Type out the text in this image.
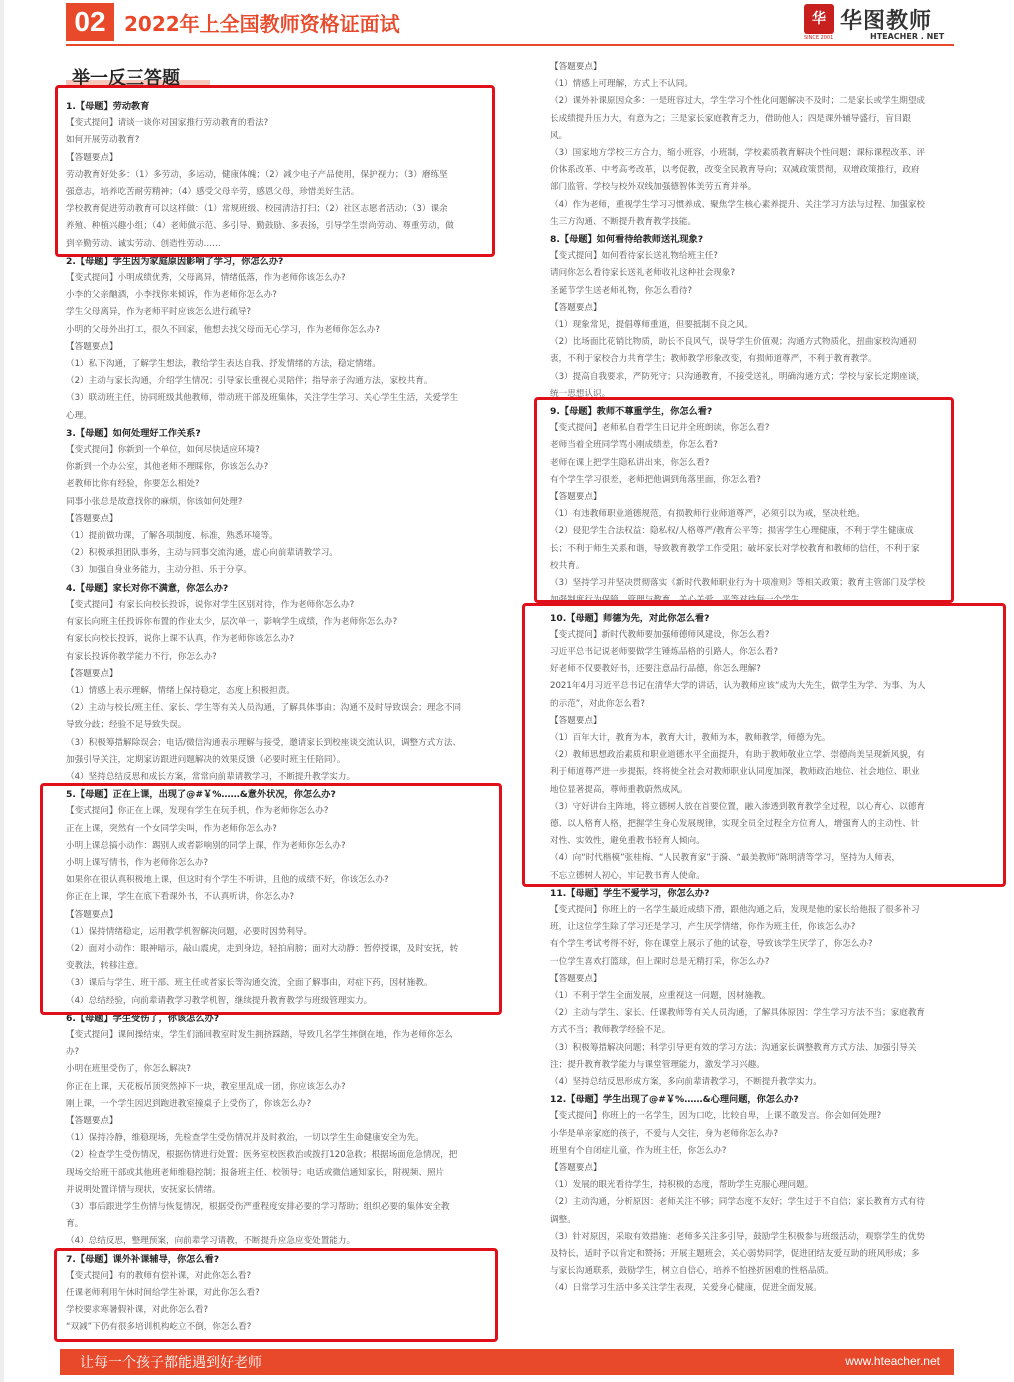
02 2022年上全国教师资格证面试	华
SINCE 2001
华图教师
HTEACHER . NET
举一反三答题

1.【母题】劳动教育

【变式提问】请谈一谈你对国家推行劳动教育的看法?

如何开展劳动教育?

【答题要点】

劳动教育好处多：（1）多劳动，多运动，健康体魄；（2）减少电子产品使用，保护视力；（3）磨练坚

强意志，培养吃苦耐劳精神；（4）感受父母辛劳，感恩父母，珍惜美好生活。

学校教育促进劳动教育可以这样做：（1）常规班级、校园清洁打扫；（2）社区志愿者活动；（3）课余

养殖、种植兴趣小组；（4）老师做示范、多引导、勤鼓励、多表扬，引导学生崇尚劳动、尊重劳动，做

到辛勤劳动、诚实劳动、创造性劳动……

2.【母题】学生因为家庭原因影响了学习，你怎么办?

【变式提问】小明成绩优秀，父母离异，情绪低落，作为老师你该怎么办?

小李的父亲酗酒，小李找你来倾诉，作为老师你怎么办?

学生父母离异，作为老师平时应该怎么进行疏导?

小明的父母外出打工，很久不回家，他想去找父母而无心学习，作为老师你怎么办?

【答题要点】

（1）私下沟通，了解学生想法，教给学生表达自我、抒发情绪的方法，稳定情绪。

（2）主动与家长沟通，介绍学生情况；引导家长重视心灵陪伴；指导亲子沟通方法，家校共育。

（3）联动班主任，协同班级其他教师，带动班干部及班集体，关注学生学习、关心学生生活，关爱学生

心理。

3.【母题】如何处理好工作关系?

【变式提问】你新到一个单位，如何尽快适应环境?

你新到一个办公室，其他老师不理睬你，你该怎么办?

老教师比你有经验，你要怎么相处?

同事小张总是故意找你的麻烦，你该如何处理?

【答题要点】

（1）提前做功课，了解各项制度、标准，熟悉环境等。

（2）积极承担团队事务，主动与同事交流沟通，虚心向前辈请教学习。

（3）加强自身业务能力，主动分担、乐于分享。

4.【母题】家长对你不满意，你怎么办?

【变式提问】有家长向校长投诉，说你对学生区别对待，作为老师你怎么办?

有家长向班主任投诉你布置的作业太少，层次单一，影响学生成绩，作为老师你怎么办?

有家长向校长投诉，说你上课不认真，作为老师你该怎么办?

有家长投诉你教学能力不行，你怎么办?

【答题要点】

（1）情感上表示理解，情绪上保持稳定，态度上积极担责。

（2）主动与校长/班主任、家长、学生等有关人员沟通，了解具体事由；沟通不及时导致误会；理念不同

导致分歧；经验不足导致失误。

（3）积极筹措解除误会；电话/微信沟通表示理解与接受，邀请家长到校座谈交流认识，调整方式方法、

加强引导关注，定期家访跟进问题解决的效果反馈（必要时班主任陪同）。

（4）坚持总结反思和成长方案，常常向前辈请教学习，不断提升教学实力。

5.【母题】正在上课，出现了@#￥%……&意外状况，你怎么办?

【变式提问】你正在上课，发现有学生在玩手机，作为老师你怎么办?

正在上课，突然有一个女同学尖叫，作为老师你怎么办?

小明上课总搞小动作：踢别人或者影响别的同学上课，作为老师你怎么办?

小明上课写情书，作为老师你怎么办?

如果你在很认真积极地上课，但这时有个学生不听讲，且他的成绩不好，你该怎么办?

你正在上课，学生在底下看课外书，不认真听讲，你怎么办?

【答题要点】

（1）保持情绪稳定，运用教学机智解决问题，必要时因势利导。

（2）面对小动作：眼神暗示，敲山震虎，走到身边，轻拍肩膀；面对大动静：暂停授课，及时安抚，转

变教法，转移注意。

（3）课后与学生、班干部、班主任或者家长等沟通交流，全面了解事由，对症下药，因材施教。

（4）总结经验，向前辈请教学习教学机智，继续提升教育教学与班级管理实力。

6.【母题】学生受伤了，你该怎么办?

【变式提问】课间操结束，学生们涌回教室时发生拥挤踩踏，导致几名学生摔倒在地，作为老师你怎么

办?

小明在班里受伤了，你怎么解决?

你正在上课，天花板吊顶突然掉下一块，教室里乱成一团，你应该怎么办?

刚上课，一个学生因迟到跑进教室撞桌子上受伤了，你该怎么办?

【答题要点】

（1）保持冷静，维稳现场，先检查学生受伤情况并及时救治，一切以学生生命健康安全为先。

（2）检查学生受伤情况，根据伤情进行处置；医务室校医救治或拨打120急救；根据场面危急情况，把

现场交给班干部或其他班老师维稳控制；报备班主任、校领导；电话或微信通知家长，附视频、照片

并说明处置详情与现状，安抚家长情绪。

（3）事后跟进学生伤情与恢复情况，根据受伤严重程度安排必要的学习帮助；组织必要的集体安全教

育。

（4）总结反思，整理预案，向前辈学习请教，不断提升应急应变处置能力。

7.【母题】课外补课辅导，你怎么看?

【变式提问】有的教师有偿补课，对此你怎么看?

任课老师利用午休时间给学生补课，对此你怎么看?

学校要求寒暑假补课，对此你怎么看?

“双减”下仍有很多培训机构屹立不倒，你怎么看?

【答题要点】

（1）情感上可理解，方式上不认同。

（2）课外补课原因众多：一是班容过大，学生学习个性化问题解决不及时；二是家长或学生期望成

长成绩提升压力大，有意为之；三是家长家庭教育乏力，借助他人；四是课外辅导盛行，盲目跟

风。

（3）国家地方学校三方合力，缩小班容，小班制，学校素质教育解决个性问题；课标课程改革、评

价体系改革、中考高考改革，以考促教，改变全民教育导向；双减政策贯彻，双增政策推行，政府

部门监管、学校与校外双线加强德智体美劳五育并举。

（4）作为老师，重视学生学习习惯养成、聚焦学生核心素养提升、关注学习方法与过程、加强家校

生三方沟通、不断提升教育教学技能。

8.【母题】如何看待给教师送礼现象?

【变式提问】如何看待家长送礼物给班主任?

请问你怎么看待家长送礼老师收礼这种社会现象?

圣诞节学生送老师礼物，你怎么看待?

【答题要点】

（1）现象常见，提倡尊师重道，但要抵制不良之风。

（2）比场面比花销比物质，助长不良风气，误导学生价值观；沟通方式物质化，扭曲家校沟通初

衷，不利于家校合力共育学生；教师教学形象改变，有损师道尊严，不利于教育教学。

（3）提高自我要求，严防死守；只沟通教育，不接受送礼，明确沟通方式；学校与家长定期座谈，

统一思想认识。

9.【母题】教师不尊重学生，你怎么看?

【变式提问】老师私自看学生日记并全班朗读，你怎么看?

老师当着全班同学骂小刚成绩差，你怎么看?

老师在课上把学生隐私讲出来，你怎么看?

有个学生学习很差，老师把他调到角落里面，你怎么看?

【答题要点】

（1）有违教师职业道德规范，有损教师行业师道尊严，必须引以为戒，坚决杜绝。

（2）侵犯学生合法权益：隐私权/人格尊严/教育公平等；损害学生心理健康，不利于学生健康成

长；不利于师生关系和谐，导致教育教学工作受阻；破坏家长对学校教育和教师的信任，不利于家

校共育。

（3）坚持学习并坚决贯彻落实《新时代教师职业行为十项准则》等相关政策；教育主管部门及学校

加强制度行为保障，管理与教育，关心关爱，平等对待每一个学生。

10.【母题】师德为先，对此你怎么看?

【变式提问】新时代教师要加强师德师风建设，你怎么看?

习近平总书记说老师要做学生锤炼品格的引路人，你怎么看?

好老师不仅要教好书，还要注意品行品德，你怎么理解?

2021年4月习近平总书记在清华大学的讲话，认为教师应该“成为大先生，做学生为学、为事、为人

的示范”，对此你怎么看?

【答题要点】

（1）百年大计，教育为本，教育大计，教师为本，教师教学，师德为先。

（2）教师思想政治素质和职业道德水平全面提升，有助于教师敬业立学、崇德尚美呈现新风貌，有

利于师道尊严进一步提振，终将使全社会对教师职业认同度加深，教师政治地位、社会地位、职业

地位显著提高，尊师重教蔚然成风。

（3）守好讲台主阵地，将立德树人放在首要位置，融入渗透到教育教学全过程，以心育心、以德育

德、以人格育人格，把握学生身心发展规律，实现全员全过程全方位育人，增强育人的主动性、针

对性、实效性，避免重教书轻育人倾向。

（4）向“时代楷模”张桂梅、“人民教育家”于漪、“最美教师”陈明清等学习，坚持为人师表，

不忘立德树人初心，牢记教书育人使命。

11.【母题】学生不爱学习，你怎么办?

【变式提问】你班上的一名学生最近成绩下滑，跟他沟通之后，发现是他的家长给他报了很多补习

班，让这位学生除了学习还是学习，产生厌学情绪，你作为班主任，你该怎么办?

有个学生考试考得不好，你在课堂上展示了他的试卷，导致该学生厌学了，你怎么办?

一位学生喜欢打篮球，但上课时总是无精打采，你怎么办?

【答题要点】

（1）不利于学生全面发展，应重视这一问题，因材施教。

（2）主动与学生、家长、任课教师等有关人员沟通，了解具体原因：学生学习方法不当；家庭教育

方式不当；教师教学经验不足。

（3）积极筹措解决问题；科学引导更有效的学习方法；沟通家长调整教育方式方法、加强引导关

注；提升教育教学能力与课堂管理能力，激发学习兴趣。

（4）坚持总结反思形成方案，多向前辈请教学习，不断提升教学实力。

12.【母题】学生出现了@#￥%……&心理问题，你怎么办?

【变式提问】你班上的一名学生，因为口吃，比较自卑，上课不敢发言。你会如何处理?

小华是单亲家庭的孩子，不爱与人交往，身为老师你怎么办?

班里有个自闭症儿童，作为班主任，你怎么办?

【答题要点】

（1）发展的眼光看待学生，持积极的态度，帮助学生克服心理问题。

（2）主动沟通，分析原因：老师关注不够；同学态度不友好；学生过于不自信；家长教育方式有待

调整。

（3）针对原因，采取有效措施：老师多关注多引导，鼓励学生积极参与班级活动，观察学生的优势

及特长，适时予以肯定和赞扬；开展主题班会，关心弱势同学，促进团结友爱互助的班风形成；多

与家长沟通联系，鼓励学生，树立自信心，培养不怕挫折困难的性格品质。

（4）日常学习生活中多关注学生表现，关爱身心健康，促进全面发展。

让每一个孩子都能遇到好老师	www.hteacher.net
